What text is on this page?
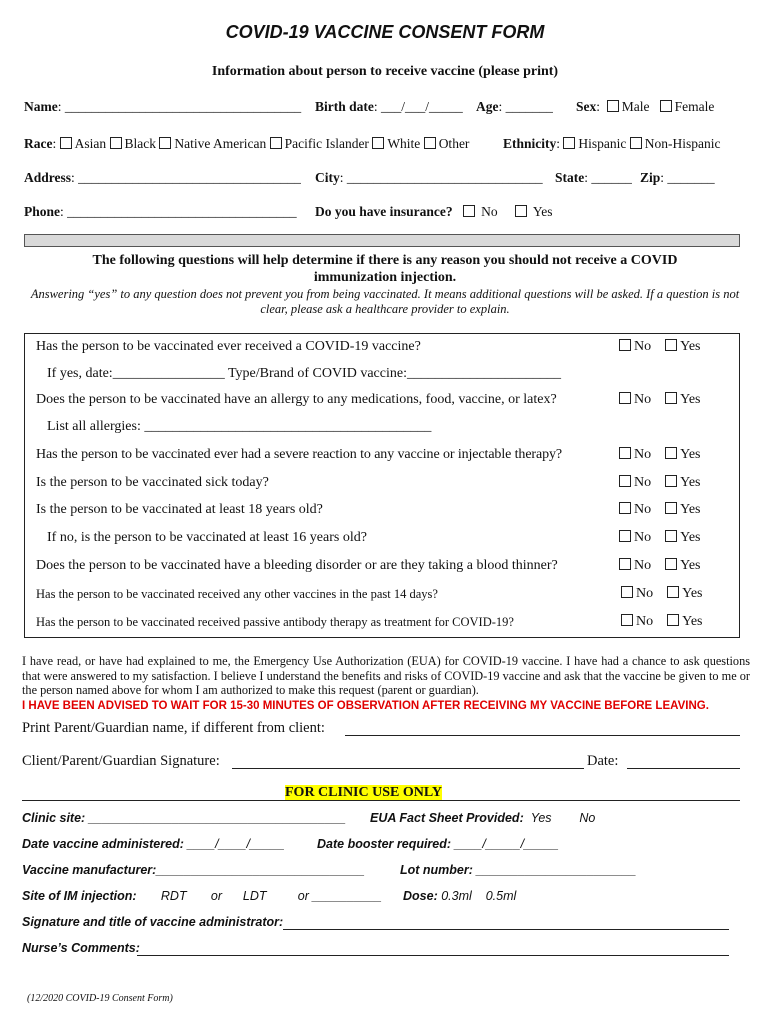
COVID-19 VACCINE CONSENT FORM
Information about person to receive vaccine (please print)
Name: ___________________________________ Birth date: ___/___/_____ Age: _______ Sex:  Male Female
Race: Asian Black Native American Pacific Islander White Other Ethnicity: Hispanic Non-Hispanic
Address: _________________________________ City: _____________________________ State: ______ Zip: _______
Phone: __________________________________ Do you have insurance? No	Yes
The following questions will help determine if there is any reason you should not receive a COVID
immunization injection.
Answering “yes” to any question does not prevent you from being vaccinated. It means additional questions will be asked. If a question is not clear, please ask a healthcare provider to explain.
Has the person to be vaccinated ever received a COVID-19 vaccine?	No Yes
If yes, date:________________ Type/Brand of COVID vaccine:______________________
Does the person to be vaccinated have an allergy to any medications, food, vaccine, or latex?	No Yes
List all allergies: _________________________________________
Has the person to be vaccinated ever had a severe reaction to any vaccine or injectable therapy?	No Yes
Is the person to be vaccinated sick today?	No Yes
Is the person to be vaccinated at least 18 years old?	No Yes
If no, is the person to be vaccinated at least 16 years old?	No Yes
Does the person to be vaccinated have a bleeding disorder or are they taking a blood thinner?	No Yes
Has the person to be vaccinated received any other vaccines in the past 14 days?	No Yes
Has the person to be vaccinated received passive antibody therapy as treatment for COVID-19?	No Yes
I have read, or have had explained to me, the Emergency Use Authorization (EUA) for COVID-19 vaccine. I have had a chance to ask questions that were answered to my satisfaction. I believe I understand the benefits and risks of COVID-19 vaccine and ask that the vaccine be given to me or the person named above for whom I am authorized to make this request (parent or guardian).
I HAVE BEEN ADVISED TO WAIT FOR 15-30 MINUTES OF OBSERVATION AFTER RECEIVING MY VACCINE BEFORE LEAVING.
Print Parent/Guardian name, if different from client:
Client/Parent/Guardian Signature:	Date:
FOR CLINIC USE ONLY
Clinic site: _____________________________________ EUA Fact Sheet Provided: Yes No
Date vaccine administered: ____/____/_____	Date booster required: ____/_____/_____
Vaccine manufacturer:______________________________	Lot number: _______________________
Site of IM injection: RDT or LDT	or __________ Dose: 0.3ml 0.5ml
Signature and title of vaccine administrator:
Nurse’s Comments:
(12/2020 COVID-19 Consent Form)
